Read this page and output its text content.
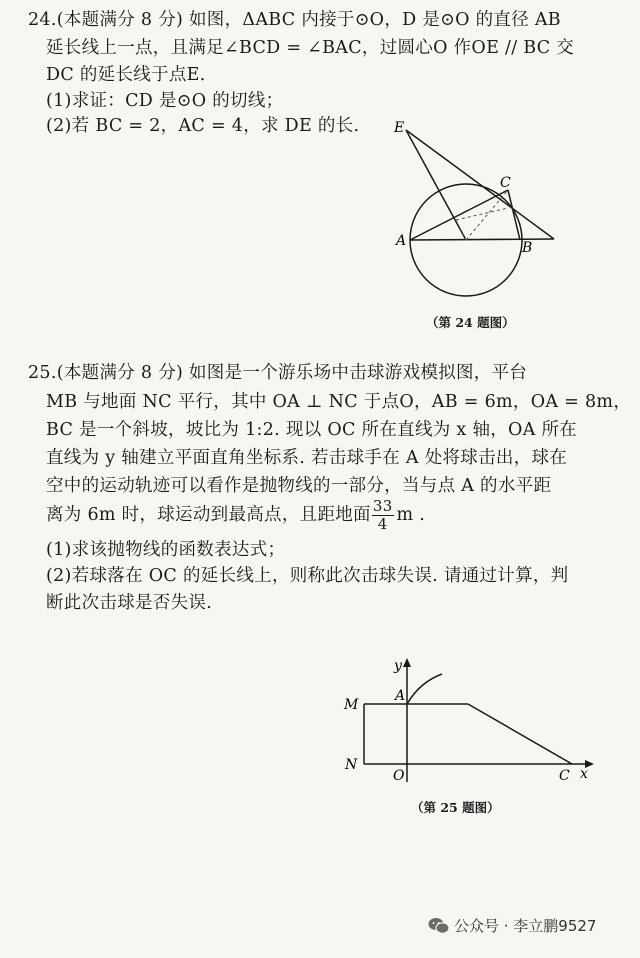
24.(本题满分 8 分) 如图，ΔABC 内接于⊙O，D 是⊙O 的直径 AB
延长线上一点，且满足∠BCD = ∠BAC，过圆心O 作OE // BC 交
DC 的延长线于点E．
(1)求证：CD 是⊙O 的切线；
(2)若 BC = 2，AC = 4，求 DE 的长. E
C
A	B
（第 24 题图）
25.(本题满分 8 分) 如图是一个游乐场中击球游戏模拟图，平台
MB 与地面 NC 平行，其中 OA ⊥ NC 于点O，AB = 6m，OA = 8m，
BC 是一个斜坡，坡比为 1:2. 现以 OC 所在直线为 x 轴，OA 所在
直线为 y 轴建立平面直角坐标系. 若击球手在 A 处将球击出，球在
空中的运动轨迹可以看作是抛物线的一部分，当与点 A 的水平距
离为 6m 时，球运动到最高点，且距地面 $\frac{33}{4}$ m .
(1)求该抛物线的函数表达式；
(2)若球落在 OC 的延长线上，则称此次击球失误. 请通过计算，判
断此次击球是否失误.
y
x
M
N
A
O	C
（第 25 题图）
公众号 · 李立鹏9527
